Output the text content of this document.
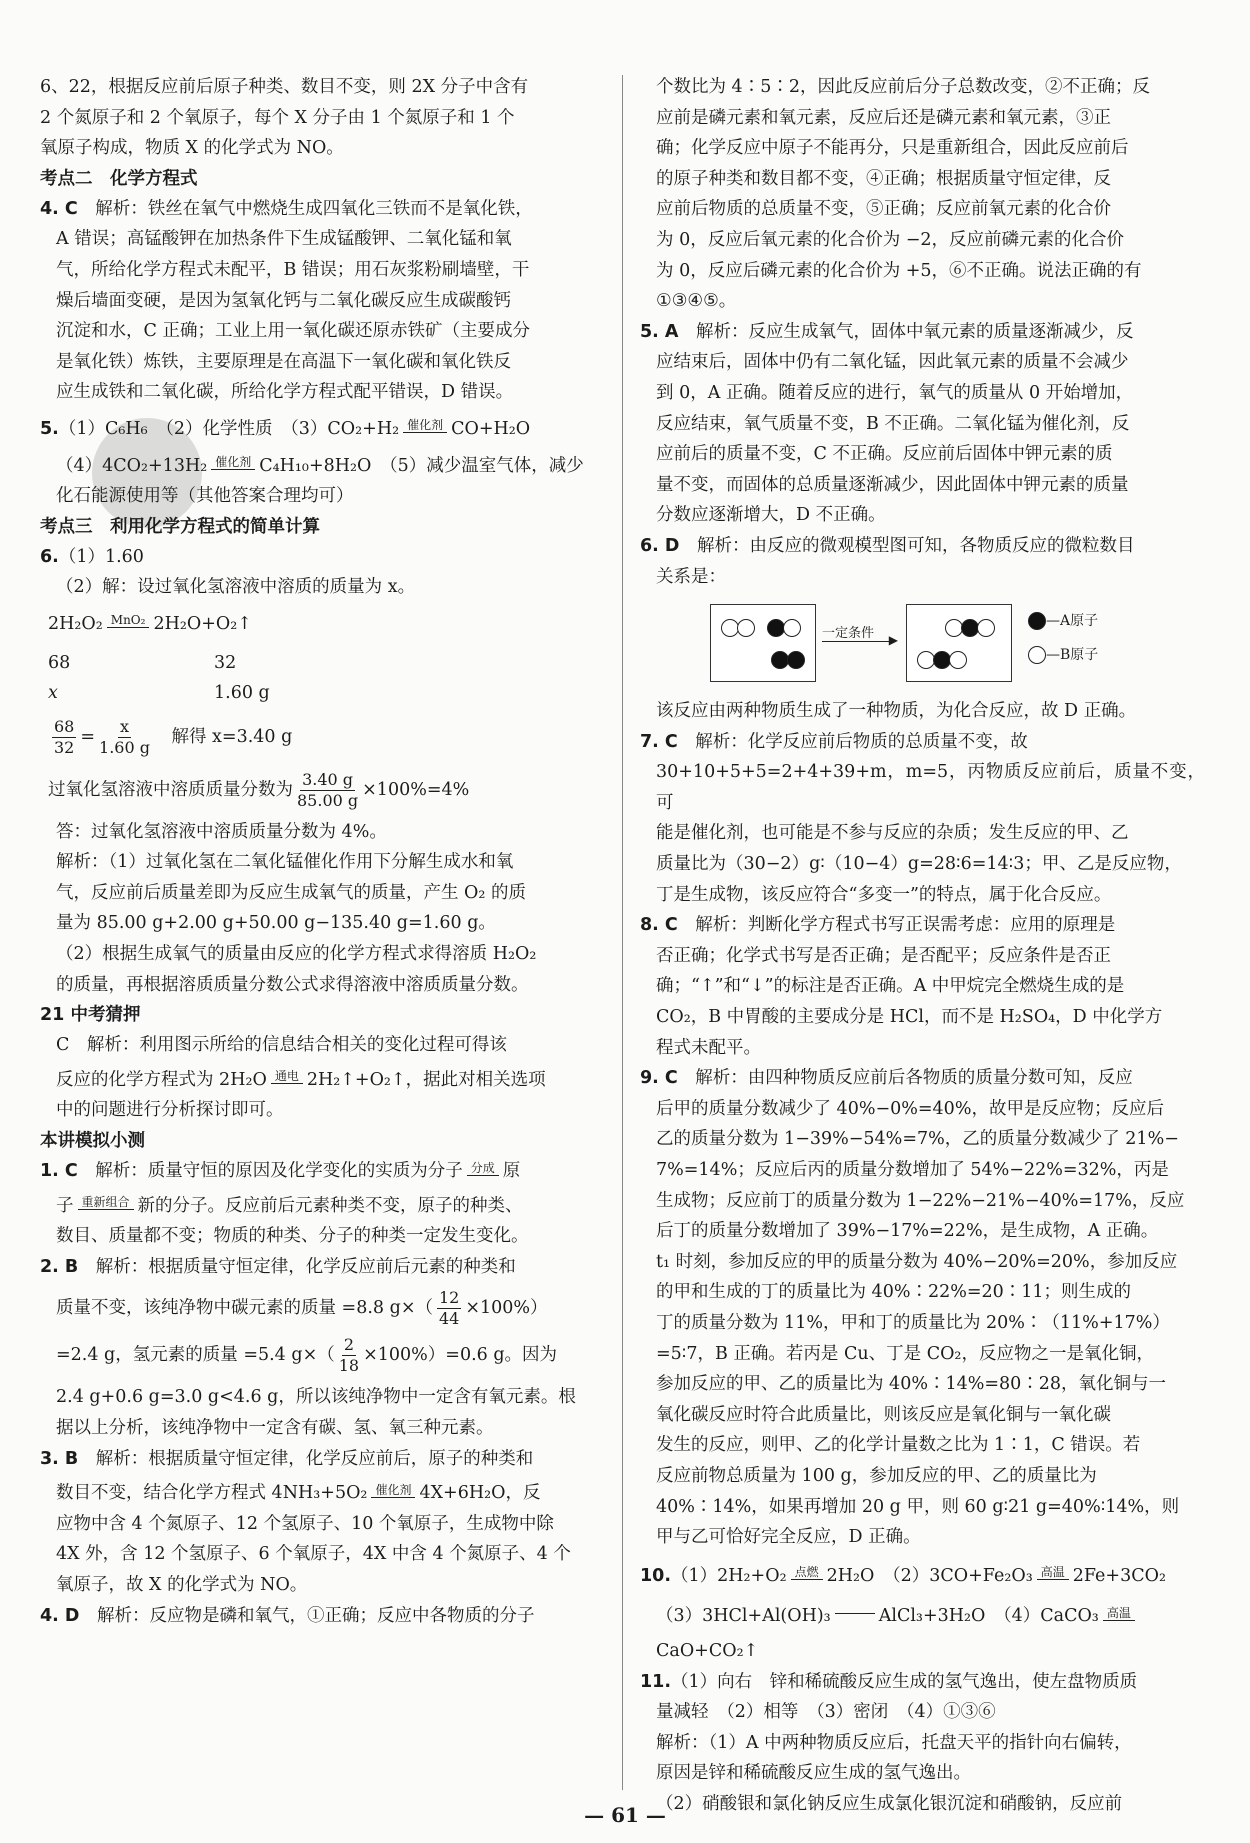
6、22，根据反应前后原子种类、数目不变，则 2X 分子中含有

2 个氮原子和 2 个氧原子，每个 X 分子由 1 个氮原子和 1 个

氧原子构成，物质 X 的化学式为 NO。

考点二　化学方程式

4. C　 解析：铁丝在氧气中燃烧生成四氧化三铁而不是氧化铁，

A 错误；高锰酸钾在加热条件下生成锰酸钾、二氧化锰和氧

气，所给化学方程式未配平，B 错误；用石灰浆粉刷墙壁，干

燥后墙面变硬，是因为氢氧化钙与二氧化碳反应生成碳酸钙

沉淀和水，C 正确；工业上用一氧化碳还原赤铁矿（主要成分

是氧化铁）炼铁，主要原理是在高温下一氧化碳和氧化铁反

应生成铁和二氧化碳，所给化学方程式配平错误，D 错误。

5.（1）C₆H₆　（2）化学性质　（3）CO₂+H₂ 催化剂 CO+H₂O

（4）4CO₂+13H₂ 催化剂 C₄H₁₀+8H₂O　（5）减少温室气体，减少

化石能源使用等（其他答案合理均可）

考点三　利用化学方程式的简单计算

6.（1）1.60

（2）解：设过氧化氢溶液中溶质的质量为 x。

2H₂O₂ MnO₂ 2H₂O+O₂↑
68	32
x	1.60 g
$\frac{68}{32} = \frac{x}{1.60 g}$
　 解得 x=3.40 g
过氧化氢溶液中溶质质量分数为 $\frac{3.40 g}{85.00 g} \times 100\%=4\%$

答：过氧化氢溶液中溶质质量分数为 4%。

解析：（1）过氧化氢在二氧化锰催化作用下分解生成水和氧

气，反应前后质量差即为反应生成氧气的质量，产生 O₂ 的质

量为 85.00 g+2.00 g+50.00 g−135.40 g=1.60 g。

（2）根据生成氧气的质量由反应的化学方程式求得溶质 H₂O₂

的质量，再根据溶质质量分数公式求得溶液中溶质质量分数。

21 中考猜押

C　解析：利用图示所给的信息结合相关的变化过程可得该

反应的化学方程式为 2H₂O 通电 2H₂↑+O₂↑，据此对相关选项

中的问题进行分析探讨即可。

本讲模拟小测

1. C　 解析：质量守恒的原因及化学变化的实质为分子 分成 原

子 重新组合 新的分子。反应前后元素种类不变，原子的种类、

数目、质量都不变；物质的种类、分子的种类一定发生变化。

2. B　 解析：根据质量守恒定律，化学反应前后元素的种类和

质量不变，该纯净物中碳元素的质量 =8.8 $g\times( \frac{12}{44} \times 100\%)$

=2.4 g，氢元素的质量 =5.4 $g\times( \frac{2}{18} \times 100\%)=0.6$ g。因为

2.4 g+0.6 g=3.0 g<4.6 g，所以该纯净物中一定含有氧元素。根

据以上分析，该纯净物中一定含有碳、氢、氧三种元素。

3. B　 解析：根据质量守恒定律，化学反应前后，原子的种类和

数目不变，结合化学方程式 4NH₃+5O₂ 催化剂 4X+6H₂O，反

应物中含 4 个氮原子、12 个氢原子、10 个氧原子，生成物中除

4X 外，含 12 个氢原子、6 个氧原子，4X 中含 4 个氮原子、4 个

氧原子，故 X 的化学式为 NO。

4. D　 解析：反应物是磷和氧气，①正确；反应中各物质的分子

个数比为 4∶5∶2，因此反应前后分子总数改变，②不正确；反

应前是磷元素和氧元素，反应后还是磷元素和氧元素，③正

确；化学反应中原子不能再分，只是重新组合，因此反应前后

的原子种类和数目都不变，④正确；根据质量守恒定律，反

应前后物质的总质量不变，⑤正确；反应前氧元素的化合价

为 0，反应后氧元素的化合价为 −2，反应前磷元素的化合价

为 0，反应后磷元素的化合价为 +5，⑥不正确。说法正确的有

①③④⑤。

5. A　 解析：反应生成氧气，固体中氧元素的质量逐渐减少，反

应结束后，固体中仍有二氧化锰，因此氧元素的质量不会减少

到 0，A 正确。随着反应的进行，氧气的质量从 0 开始增加，

反应结束，氧气质量不变，B 不正确。二氧化锰为催化剂，反

应前后的质量不变，C 不正确。反应前后固体中钾元素的质

量不变，而固体的总质量逐渐减少，因此固体中钾元素的质量

分数应逐渐增大，D 不正确。

6. D　 解析：由反应的微观模型图可知，各物质反应的微粒数目

关系是：

一定条件	▶
—A原子
—B原子

该反应由两种物质生成了一种物质，为化合反应，故 D 正确。

7. C　 解析：化学反应前后物质的总质量不变，故

30+10+5+5=2+4+39+m，m=5，丙物质反应前后，质量不变，可

能是催化剂，也可能是不参与反应的杂质；发生反应的甲、乙

质量比为（30−2）g∶（10−4）g=28∶6=14∶3；甲、乙是反应物，

丁是生成物，该反应符合“多变一”的特点，属于化合反应。

8. C　 解析：判断化学方程式书写正误需考虑：应用的原理是

否正确；化学式书写是否正确；是否配平；反应条件是否正

确；“↑”和“↓”的标注是否正确。A 中甲烷完全燃烧生成的是

CO₂，B 中胃酸的主要成分是 HCl，而不是 H₂SO₄，D 中化学方

程式未配平。

9. C　 解析：由四种物质反应前后各物质的质量分数可知，反应

后甲的质量分数减少了 40%−0%=40%，故甲是反应物；反应后

乙的质量分数为 1−39%−54%=7%，乙的质量分数减少了 21%−

7%=14%；反应后丙的质量分数增加了 54%−22%=32%，丙是

生成物；反应前丁的质量分数为 1−22%−21%−40%=17%，反应

后丁的质量分数增加了 39%−17%=22%，是生成物，A 正确。

t₁ 时刻，参加反应的甲的质量分数为 40%−20%=20%，参加反应

的甲和生成的丁的质量比为 40%∶22%=20∶11；则生成的

丁的质量分数为 11%，甲和丁的质量比为 20%∶（11%+17%）

=5∶7，B 正确。若丙是 Cu、丁是 CO₂，反应物之一是氧化铜，

参加反应的甲、乙的质量比为 40%∶14%=80∶28，氧化铜与一

氧化碳反应时符合此质量比，则该反应是氧化铜与一氧化碳

发生的反应，则甲、乙的化学计量数之比为 1∶1，C 错误。若

反应前物总质量为 100 g，参加反应的甲、乙的质量比为

40%∶14%，如果再增加 20 g 甲，则 60 g∶21 g=40%∶14%，则

甲与乙可恰好完全反应，D 正确。

10.（1）2H₂+O₂ 点燃 2H₂O　（2）3CO+Fe₂O₃ 高温 2Fe+3CO₂

（3）3HCl+Al(OH)₃	AlCl₃+3H₂O　（4）CaCO₃ 高温

CaO+CO₂↑

11.（1）向右　锌和稀硫酸反应生成的氢气逸出，使左盘物质质

量减轻　（2）相等　（3）密闭　（4）①③⑥

解析：（1）A 中两种物质反应后，托盘天平的指针向右偏转，

原因是锌和稀硫酸反应生成的氢气逸出。

（2）硝酸银和氯化钠反应生成氯化银沉淀和硝酸钠，反应前

— 61 —
